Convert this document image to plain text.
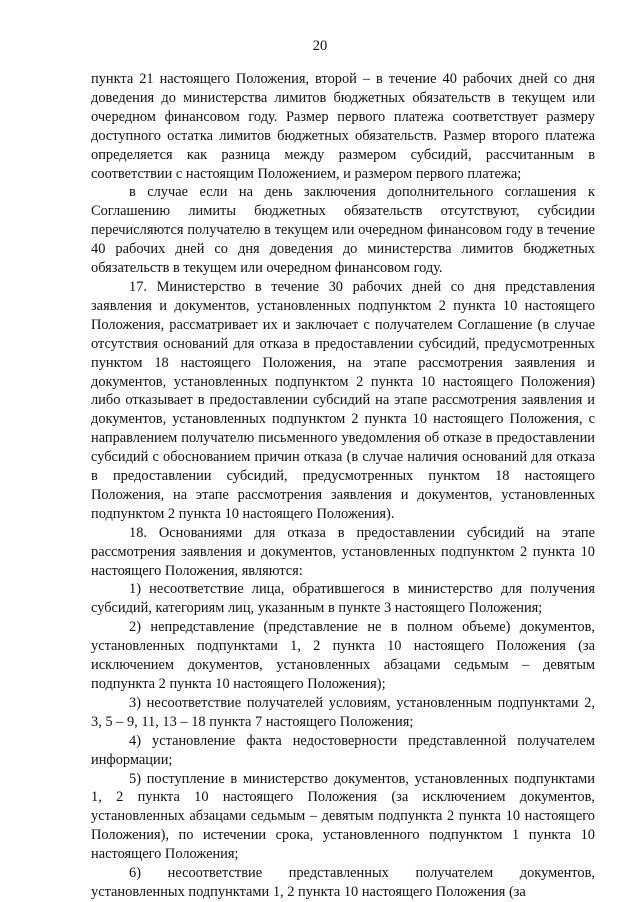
20

пункта 21 настоящего Положения, второй – в течение 40 рабочих дней со дня доведения до министерства лимитов бюджетных обязательств в текущем или очередном финансовом году. Размер первого платежа соответствует размеру доступного остатка лимитов бюджетных обязательств. Размер второго платежа определяется как разница между размером субсидий, рассчитанным в соответствии с настоящим Положением, и размером первого платежа;

в случае если на день заключения дополнительного соглашения к Соглашению лимиты бюджетных обязательств отсутствуют, субсидии перечисляются получателю в текущем или очередном финансовом году в течение 40 рабочих дней со дня доведения до министерства лимитов бюджетных обязательств в текущем или очередном финансовом году.

17. Министерство в течение 30 рабочих дней со дня представления заявления и документов, установленных подпунктом 2 пункта 10 настоящего Положения, рассматривает их и заключает с получателем Соглашение (в случае отсутствия оснований для отказа в предоставлении субсидий, предусмотренных пунктом 18 настоящего Положения, на этапе рассмотрения заявления и документов, установленных подпунктом 2 пункта 10 настоящего Положения) либо отказывает в предоставлении субсидий на этапе рассмотрения заявления и документов, установленных подпунктом 2 пункта 10 настоящего Положения, с направлением получателю письменного уведомления об отказе в предоставлении субсидий с обоснованием причин отказа (в случае наличия оснований для отказа в предоставлении субсидий, предусмотренных пунктом 18 настоящего Положения, на этапе рассмотрения заявления и документов, установленных подпунктом 2 пункта 10 настоящего Положения).

18. Основаниями для отказа в предоставлении субсидий на этапе рассмотрения заявления и документов, установленных подпунктом 2 пункта 10 настоящего Положения, являются:

1) несоответствие лица, обратившегося в министерство для получения субсидий, категориям лиц, указанным в пункте 3 настоящего Положения;

2) непредставление (представление не в полном объеме) документов, установленных подпунктами 1, 2 пункта 10 настоящего Положения (за исключением документов, установленных абзацами седьмым – девятым подпункта 2 пункта 10 настоящего Положения);

3) несоответствие получателей условиям, установленным подпунктами 2, 3, 5 – 9, 11, 13 – 18 пункта 7 настоящего Положения;

4) установление факта недостоверности представленной получателем информации;

5) поступление в министерство документов, установленных подпунктами 1, 2 пункта 10 настоящего Положения (за исключением документов, установленных абзацами седьмым – девятым подпункта 2 пункта 10 настоящего Положения), по истечении срока, установленного подпунктом 1 пункта 10 настоящего Положения;

6) несоответствие представленных получателем документов, установленных подпунктами 1, 2 пункта 10 настоящего Положения (за
